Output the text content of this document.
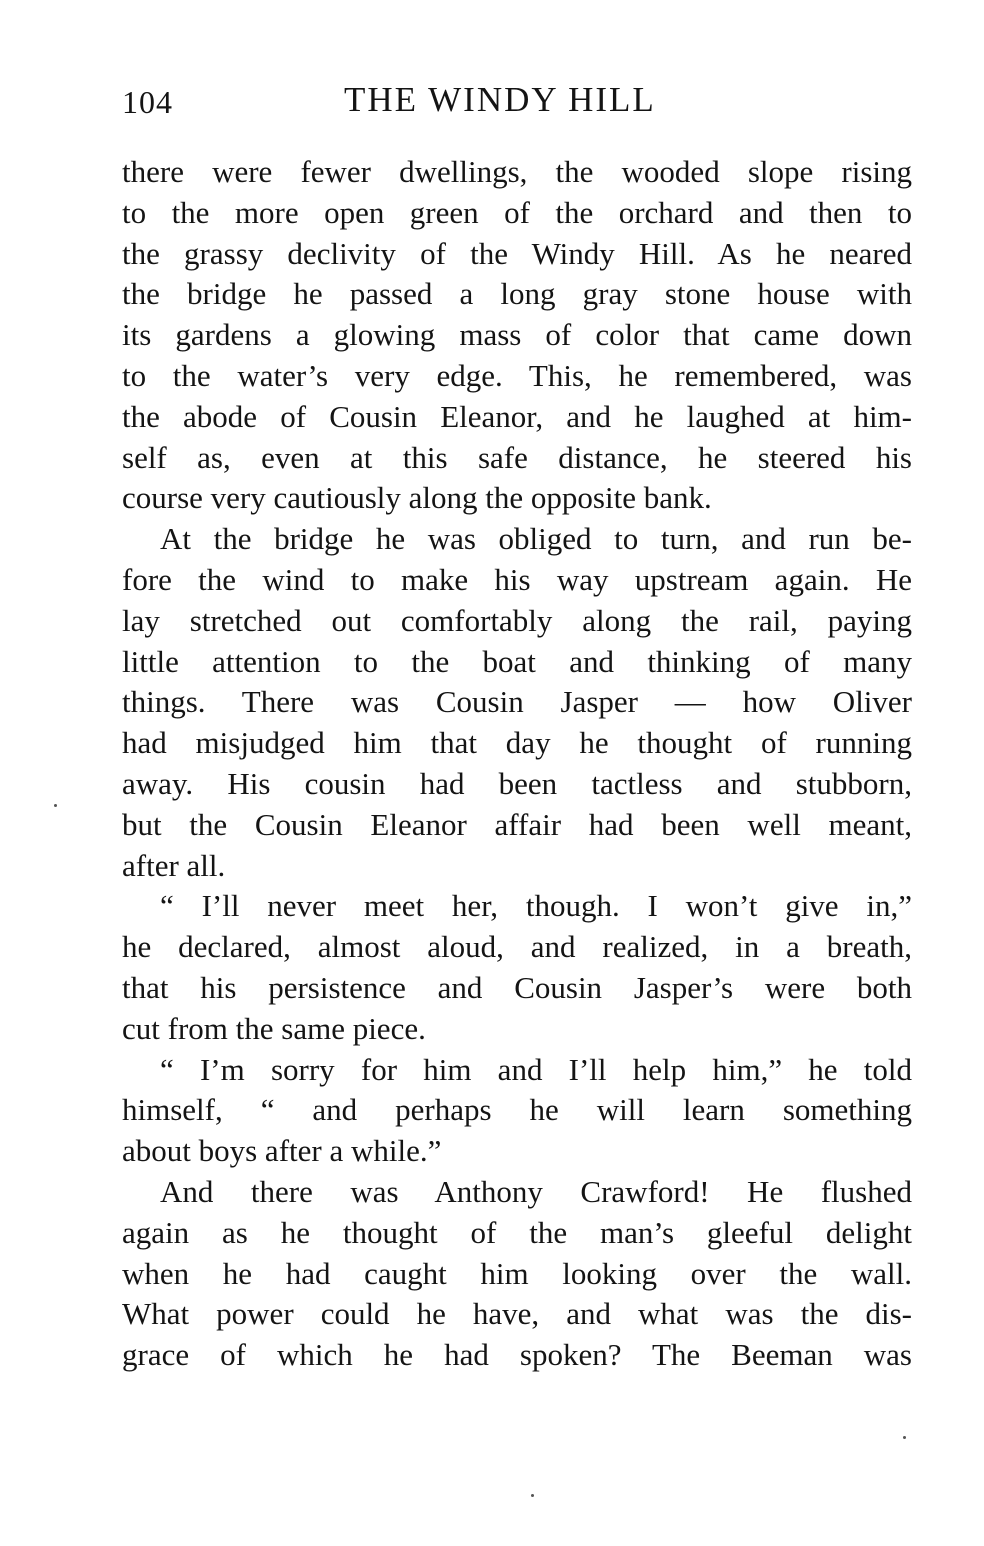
104	THE WINDY HILL
there were fewer dwellings, the wooded slope rising
to the more open green of the orchard and then to
the grassy declivity of the Windy Hill. As he neared
the bridge he passed a long gray stone house with
its gardens a glowing mass of color that came down
to the water’s very edge. This, he remembered, was
the abode of Cousin Eleanor, and he laughed at him-
self as, even at this safe distance, he steered his
course very cautiously along the opposite bank.
At the bridge he was obliged to turn, and run be-
fore the wind to make his way upstream again. He
lay stretched out comfortably along the rail, paying
little attention to the boat and thinking of many
things. There was Cousin Jasper — how Oliver
had misjudged him that day he thought of running
away. His cousin had been tactless and stubborn,
but the Cousin Eleanor affair had been well meant,
after all.
“ I’ll never meet her, though. I won’t give in,”
he declared, almost aloud, and realized, in a breath,
that his persistence and Cousin Jasper’s were both
cut from the same piece.
“ I’m sorry for him and I’ll help him,” he told
himself, “ and perhaps he will learn something
about boys after a while.”
And there was Anthony Crawford! He flushed
again as he thought of the man’s gleeful delight
when he had caught him looking over the wall.
What power could he have, and what was the dis-
grace of which he had spoken? The Beeman was
